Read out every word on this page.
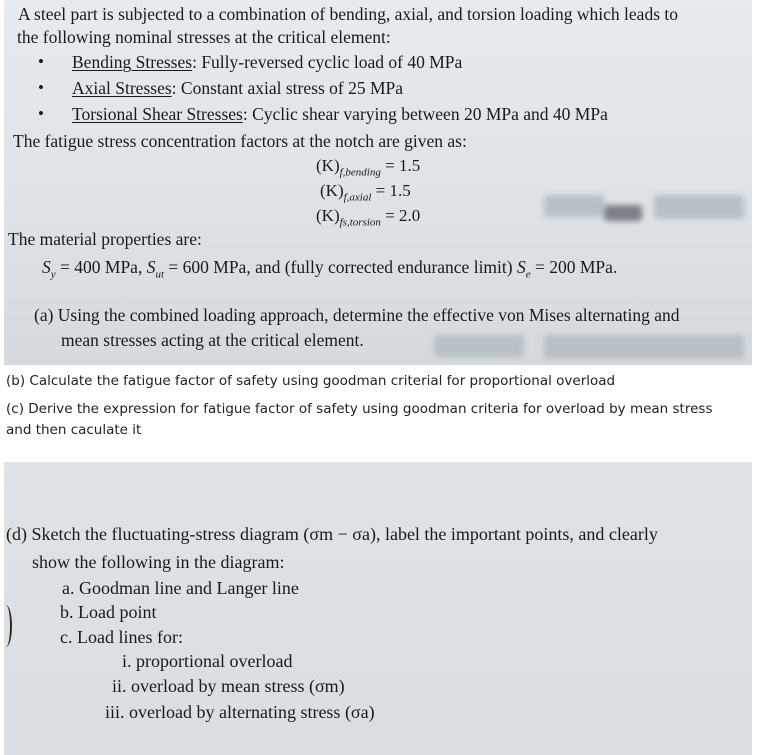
A steel part is subjected to a combination of bending, axial, and torsion loading which leads to
the following nominal stresses at the critical element:
• Bending Stresses: Fully-reversed cyclic load of 40 MPa
• Axial Stresses: Constant axial stress of 25 MPa
• Torsional Shear Stresses: Cyclic shear varying between 20 MPa and 40 MPa
The fatigue stress concentration factors at the notch are given as:
$(K)_{f,bending} = 1.5$
$(K)_{f,axial} = 1.5$
$(K)_{fs,torsion} = 2.0$
The material properties are:
$S_y = 400$ MPa, $S_{ut} = 600$ MPa, and (fully corrected endurance limit) $S_e = 200$ MPa.
(a) Using the combined loading approach, determine the effective von Mises alternating and
mean stresses acting at the critical element.
(b) Calculate the fatigue factor of safety using goodman criterial for proportional overload
(c) Derive the expression for fatigue factor of safety using goodman criteria for overload by mean stress
and then caculate it
(d) Sketch the fluctuating-stress diagram (σm − σa), label the important points, and clearly
show the following in the diagram:
a. Goodman line and Langer line
b. Load point
c. Load lines for:
i. proportional overload
ii. overload by mean stress (σm)
iii. overload by alternating stress (σa)
